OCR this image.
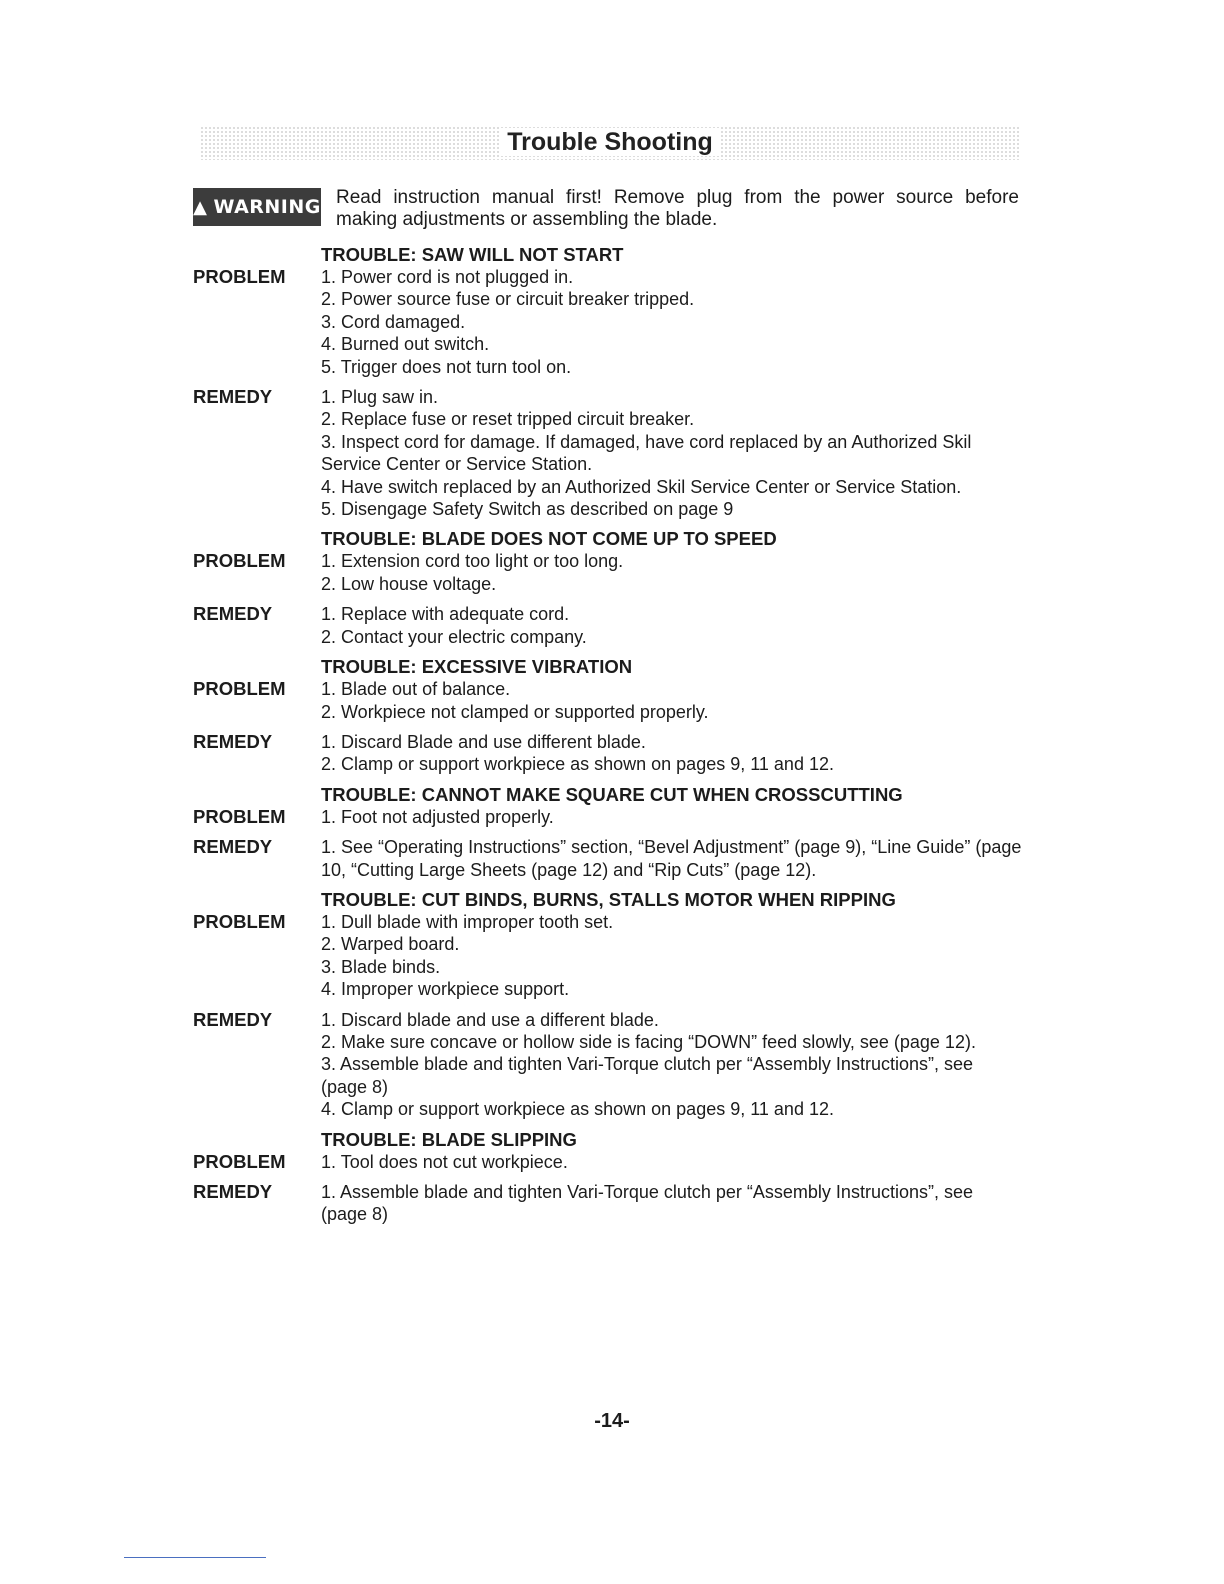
Trouble Shooting
▲ WARNING Read instruction manual first! Remove plug from the power source before making adjustments or assembling the blade.
TROUBLE: SAW WILL NOT START
PROBLEM	1. Power cord is not plugged in.
2. Power source fuse or circuit breaker tripped.
3. Cord damaged.
4. Burned out switch.
5. Trigger does not turn tool on.
REMEDY	1. Plug saw in.
2. Replace fuse or reset tripped circuit breaker.
3. Inspect cord for damage. If damaged, have cord replaced by an Authorized Skil Service Center or Service Station.
4. Have switch replaced by an Authorized Skil Service Center or Service Station.
5. Disengage Safety Switch as described on page 9
TROUBLE: BLADE DOES NOT COME UP TO SPEED
PROBLEM	1. Extension cord too light or too long.
2. Low house voltage.
REMEDY	1. Replace with adequate cord.
2. Contact your electric company.
TROUBLE: EXCESSIVE VIBRATION
PROBLEM	1. Blade out of balance.
2. Workpiece not clamped or supported properly.
REMEDY	1. Discard Blade and use different blade.
2. Clamp or support workpiece as shown on pages 9, 11 and 12.
TROUBLE: CANNOT MAKE SQUARE CUT WHEN CROSSCUTTING
PROBLEM	1. Foot not adjusted properly.
REMEDY	1. See “Operating Instructions” section, “Bevel Adjustment” (page 9), “Line Guide” (page 10, “Cutting Large Sheets (page 12) and “Rip Cuts” (page 12).
TROUBLE: CUT BINDS, BURNS, STALLS MOTOR WHEN RIPPING
PROBLEM	1. Dull blade with improper tooth set.
2. Warped board.
3. Blade binds.
4. Improper workpiece support.
REMEDY	1. Discard blade and use a different blade.
2. Make sure concave or hollow side is facing “DOWN” feed slowly, see (page 12).
3. Assemble blade and tighten Vari-Torque clutch per “Assembly Instructions”, see (page 8)
4. Clamp or support workpiece as shown on pages 9, 11 and 12.
TROUBLE: BLADE SLIPPING
PROBLEM	1. Tool does not cut workpiece.
REMEDY	1. Assemble blade and tighten Vari-Torque clutch per “Assembly Instructions”, see (page 8)
-14-
